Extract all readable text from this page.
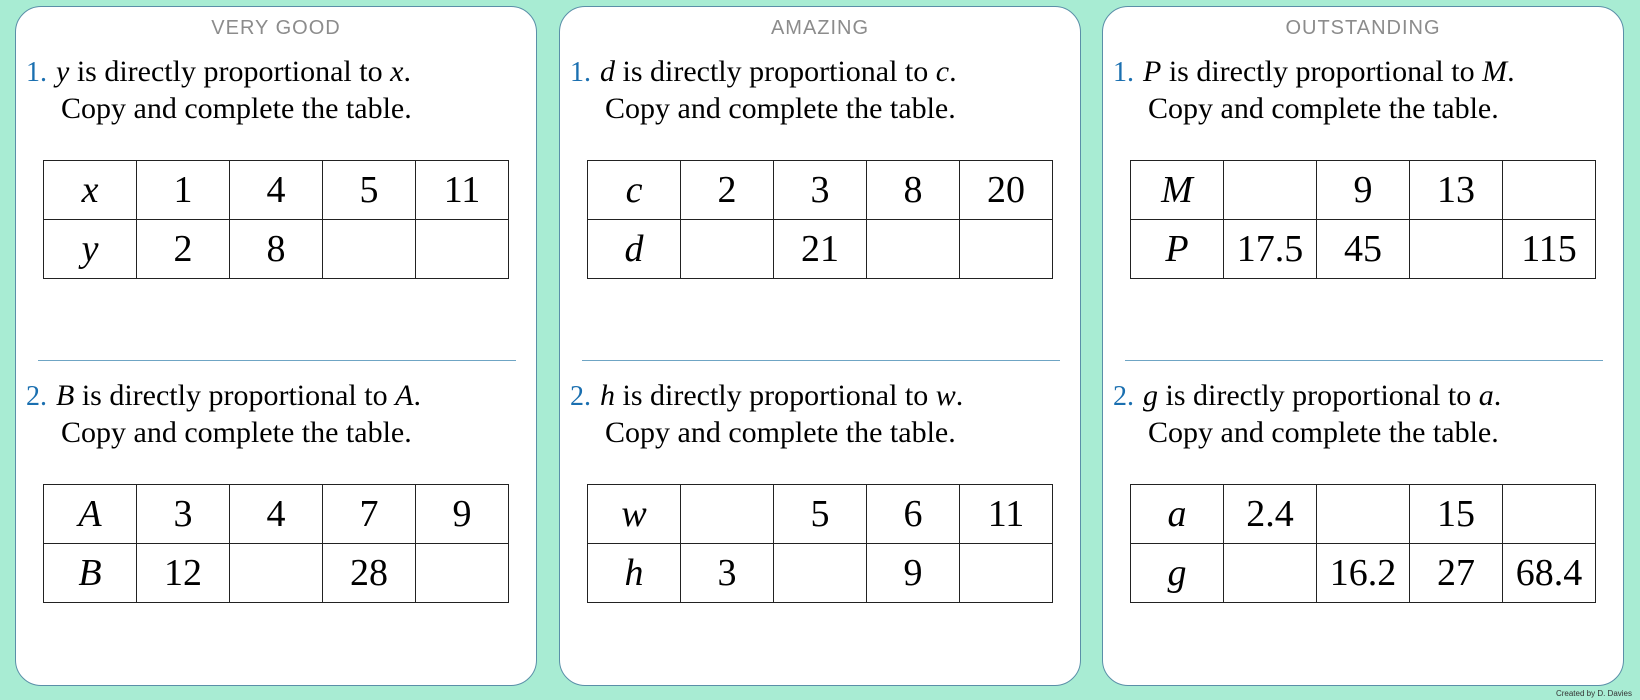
VERY GOOD
1. y is directly proportional to x.
Copy and complete the table.
x	1	4	5	11
y	2	8		
2. B is directly proportional to A.
Copy and complete the table.
A	3	4	7	9
B	12		28	
AMAZING
1. d is directly proportional to c.
Copy and complete the table.
c	2	3	8	20
d		21		
2. h is directly proportional to w.
Copy and complete the table.
w		5	6	11
h	3		9	
OUTSTANDING
1. P is directly proportional to M.
Copy and complete the table.
M		9	13	
P	17.5	45		115
2. g is directly proportional to a.
Copy and complete the table.
a	2.4		15	
g		16.2	27	68.4
Created by D. Davies
